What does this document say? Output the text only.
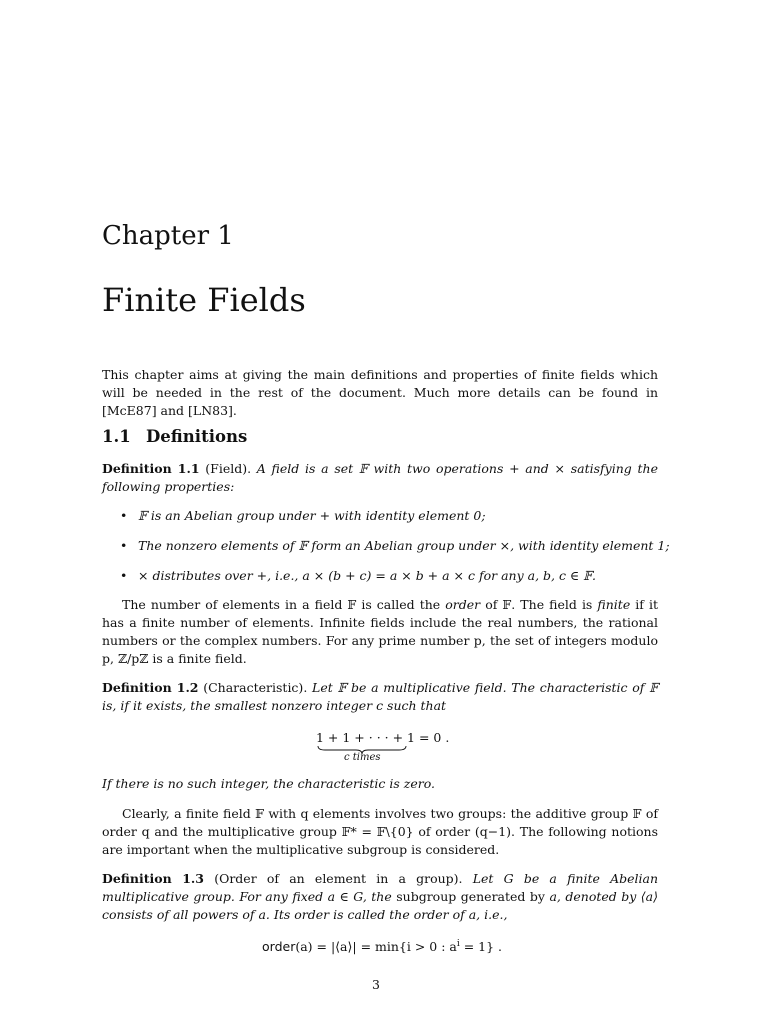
Chapter 1
Finite Fields
This chapter aims at giving the main definitions and properties of finite fields which will be needed in the rest of the document. Much more details can be found in [McE87] and [LN83].
1.1 Definitions
Definition 1.1 (Field). A field is a set 𝔽 with two operations + and × satisfying the following properties:
• 𝔽 is an Abelian group under + with identity element 0;
• The nonzero elements of 𝔽 form an Abelian group under ×, with identity element 1;
• × distributes over +, i.e., a × (b + c) = a × b + a × c for any a, b, c ∈ 𝔽.
The number of elements in a field 𝔽 is called the order of 𝔽. The field is finite if it has a finite number of elements. Infinite fields include the real numbers, the rational numbers or the complex numbers. For any prime number p, the set of integers modulo p, ℤ/pℤ is a finite field.
Definition 1.2 (Characteristic). Let 𝔽 be a multiplicative field. The characteristic of 𝔽 is, if it exists, the smallest nonzero integer c such that
1 + 1 + · · · + 1 = 0 .
c times
If there is no such integer, the characteristic is zero.
Clearly, a finite field 𝔽 with q elements involves two groups: the additive group 𝔽 of order q and the multiplicative group 𝔽* = 𝔽\{0} of order (q−1). The following notions are important when the multiplicative subgroup is considered.
Definition 1.3 (Order of an element in a group). Let G be a finite Abelian multiplicative group. For any fixed a ∈ G, the subgroup generated by a, denoted by ⟨a⟩ consists of all powers of a. Its order is called the order of a, i.e.,
order(a) = |⟨a⟩| = min{i > 0 : $a^i = 1$} .
3
